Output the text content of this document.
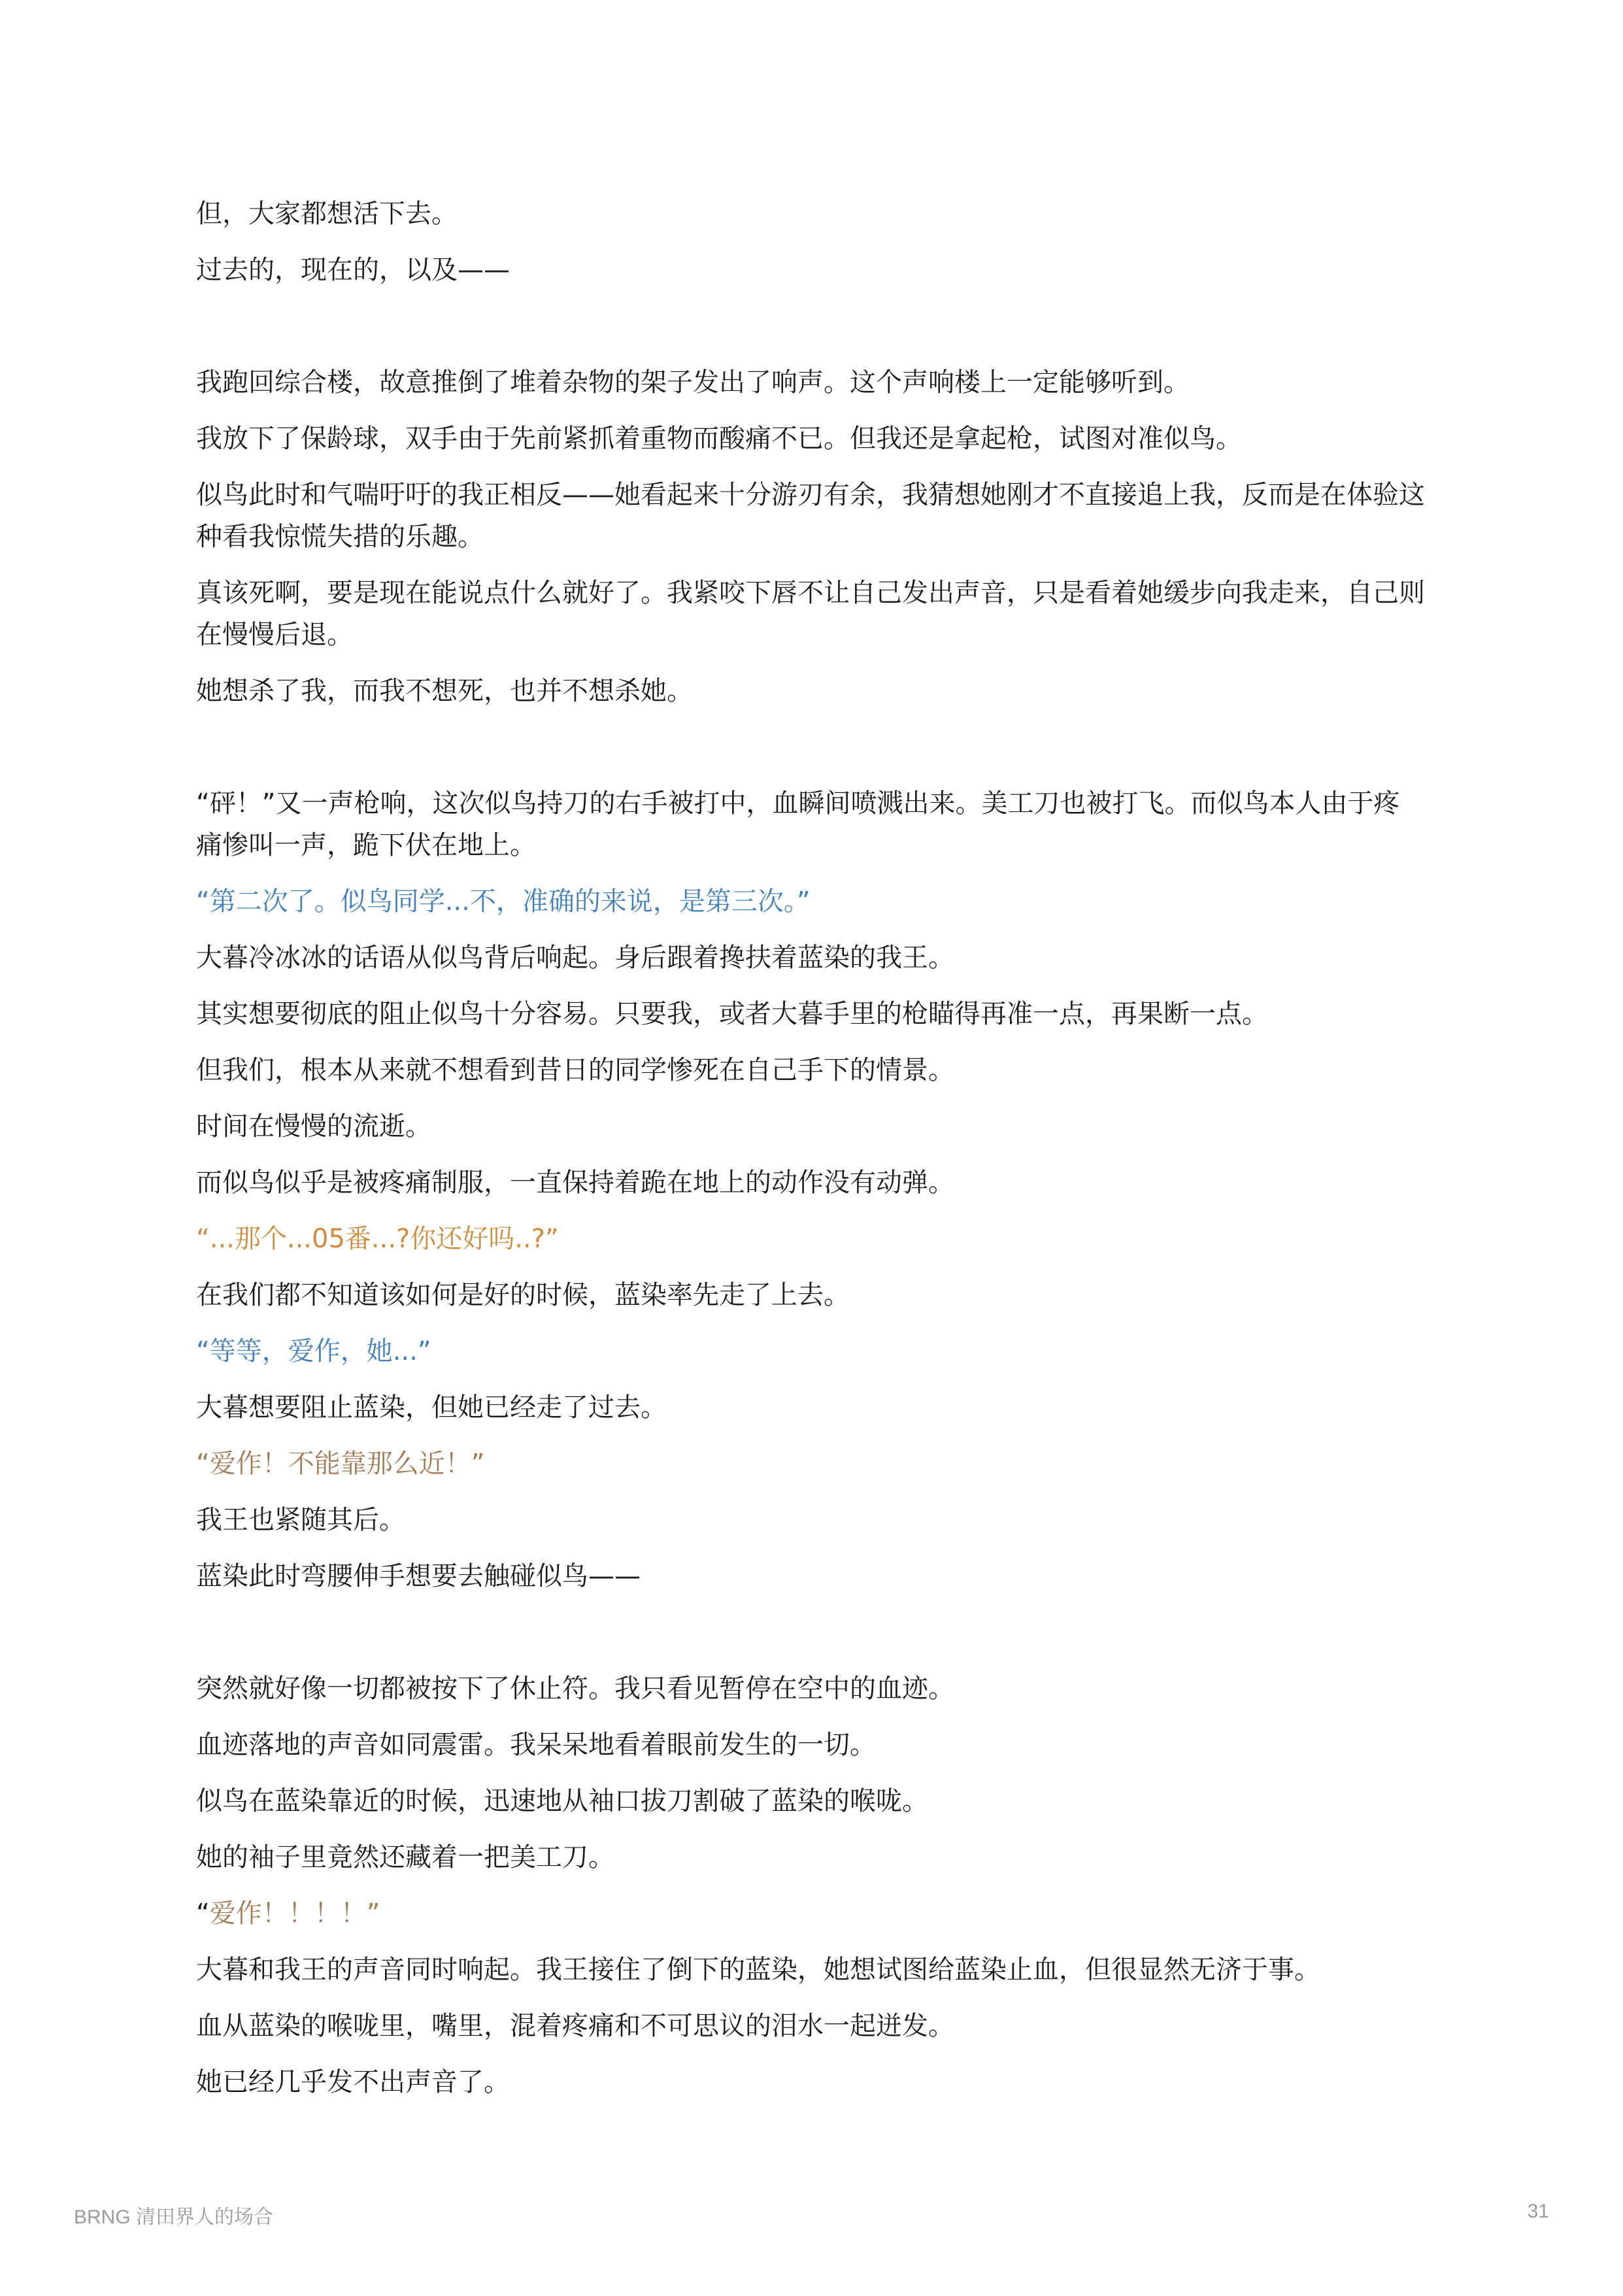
但，大家都想活下去。

过去的，现在的，以及——

我跑回综合楼，故意推倒了堆着杂物的架子发出了响声。这个声响楼上一定能够听到。

我放下了保龄球，双手由于先前紧抓着重物而酸痛不已。但我还是拿起枪，试图对准似鸟。

似鸟此时和气喘吁吁的我正相反——她看起来十分游刃有余，我猜想她刚才不直接追上我，反而是在体验这种看我惊慌失措的乐趣。

真该死啊，要是现在能说点什么就好了。我紧咬下唇不让自己发出声音，只是看着她缓步向我走来，自己则在慢慢后退。

她想杀了我，而我不想死，也并不想杀她。

“砰！”又一声枪响，这次似鸟持刀的右手被打中，血瞬间喷溅出来。美工刀也被打飞。而似鸟本人由于疼痛惨叫一声，跪下伏在地上。

“第二次了。似鸟同学...不，准确的来说，是第三次。”

大暮冷冰冰的话语从似鸟背后响起。身后跟着搀扶着蓝染的我王。

其实想要彻底的阻止似鸟十分容易。只要我，或者大暮手里的枪瞄得再准一点，再果断一点。

但我们，根本从来就不想看到昔日的同学惨死在自己手下的情景。

时间在慢慢的流逝。

而似鸟似乎是被疼痛制服，一直保持着跪在地上的动作没有动弹。

“...那个...05番...?你还好吗..?”

在我们都不知道该如何是好的时候，蓝染率先走了上去。

“等等，爱作，她...”

大暮想要阻止蓝染，但她已经走了过去。

“爱作！不能靠那么近！”

我王也紧随其后。

蓝染此时弯腰伸手想要去触碰似鸟——

突然就好像一切都被按下了休止符。我只看见暂停在空中的血迹。

血迹落地的声音如同震雷。我呆呆地看着眼前发生的一切。

似鸟在蓝染靠近的时候，迅速地从袖口拔刀割破了蓝染的喉咙。

她的袖子里竟然还藏着一把美工刀。

“爱作！！！！”

大暮和我王的声音同时响起。我王接住了倒下的蓝染，她想试图给蓝染止血，但很显然无济于事。

血从蓝染的喉咙里，嘴里，混着疼痛和不可思议的泪水一起迸发。

她已经几乎发不出声音了。

BRNG 清田界人的场合	31
